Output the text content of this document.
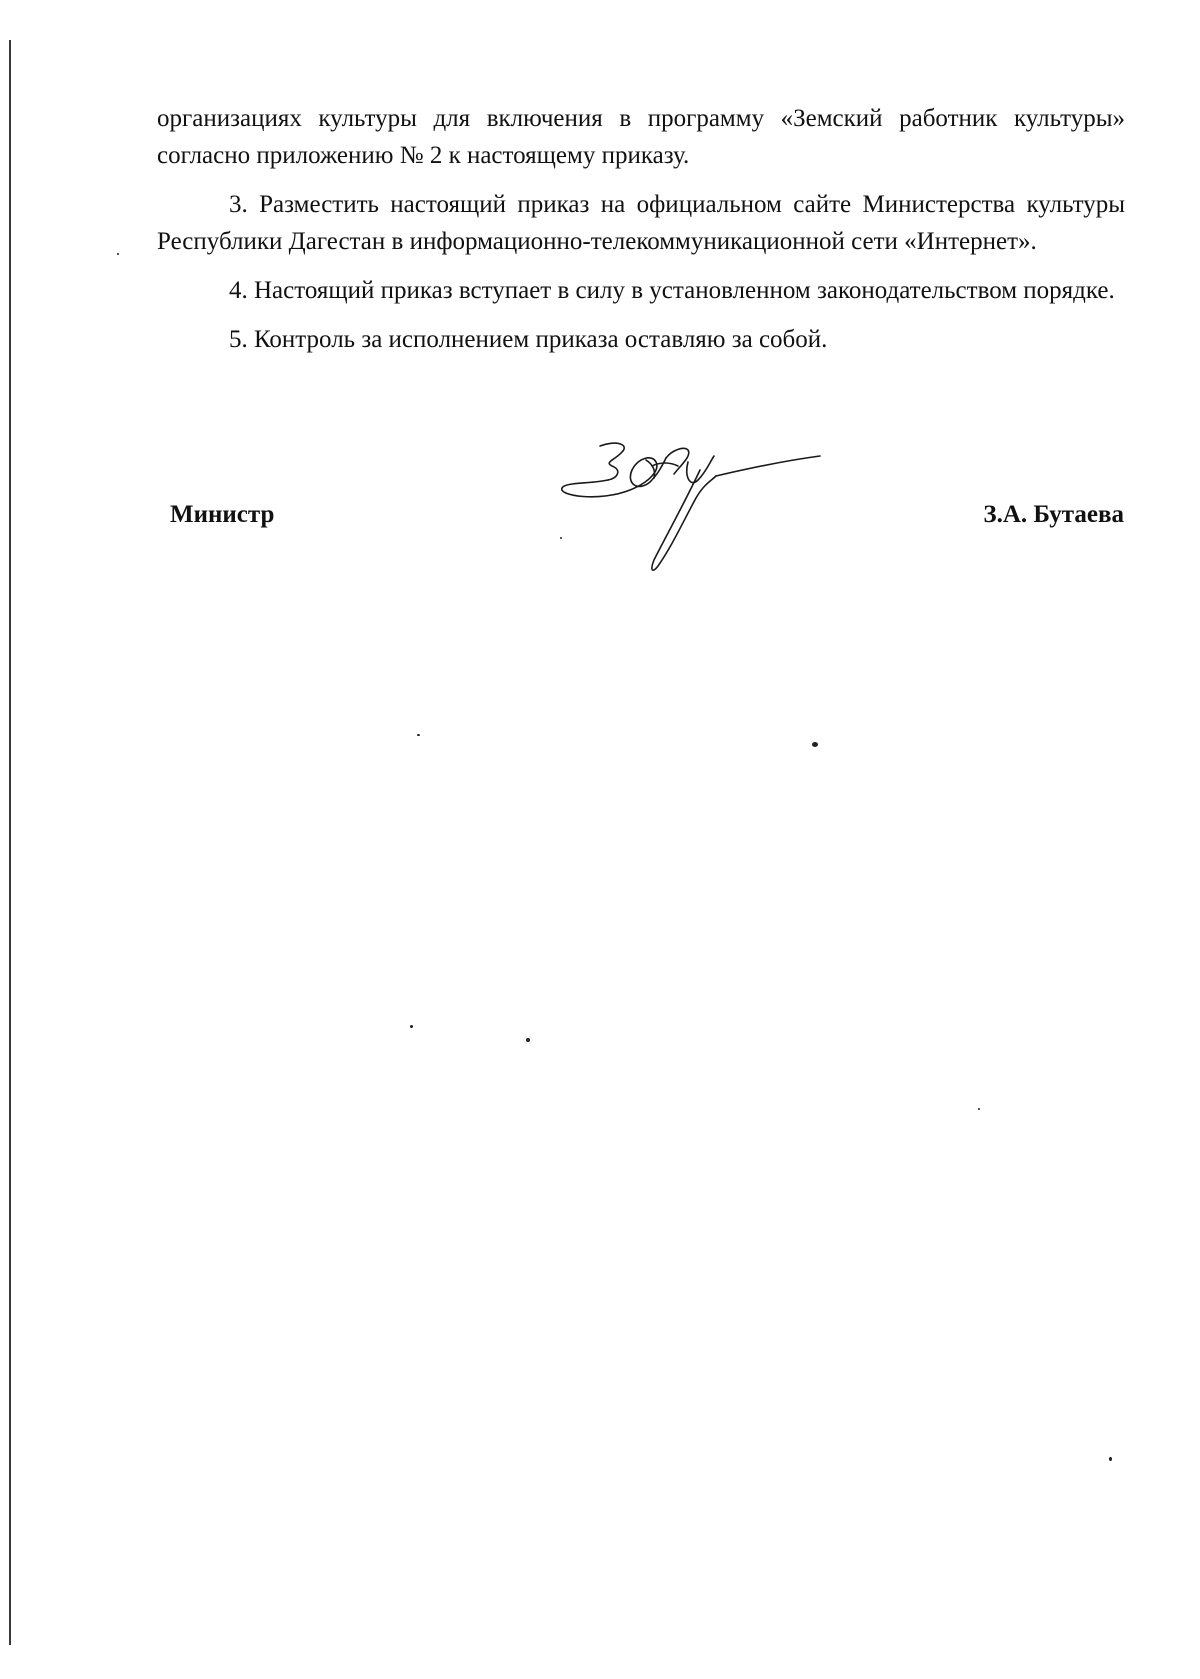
организациях культуры для включения в программу «Земский работник культуры» согласно приложению № 2 к настоящему приказу.

3. Разместить настоящий приказ на официальном сайте Министерства культуры Республики Дагестан в информационно-телекоммуникационной сети «Интернет».

4. Настоящий приказ вступает в силу в установленном законодательством порядке.

5. Контроль за исполнением приказа оставляю за собой.

Министр	З.А. Бутаева
